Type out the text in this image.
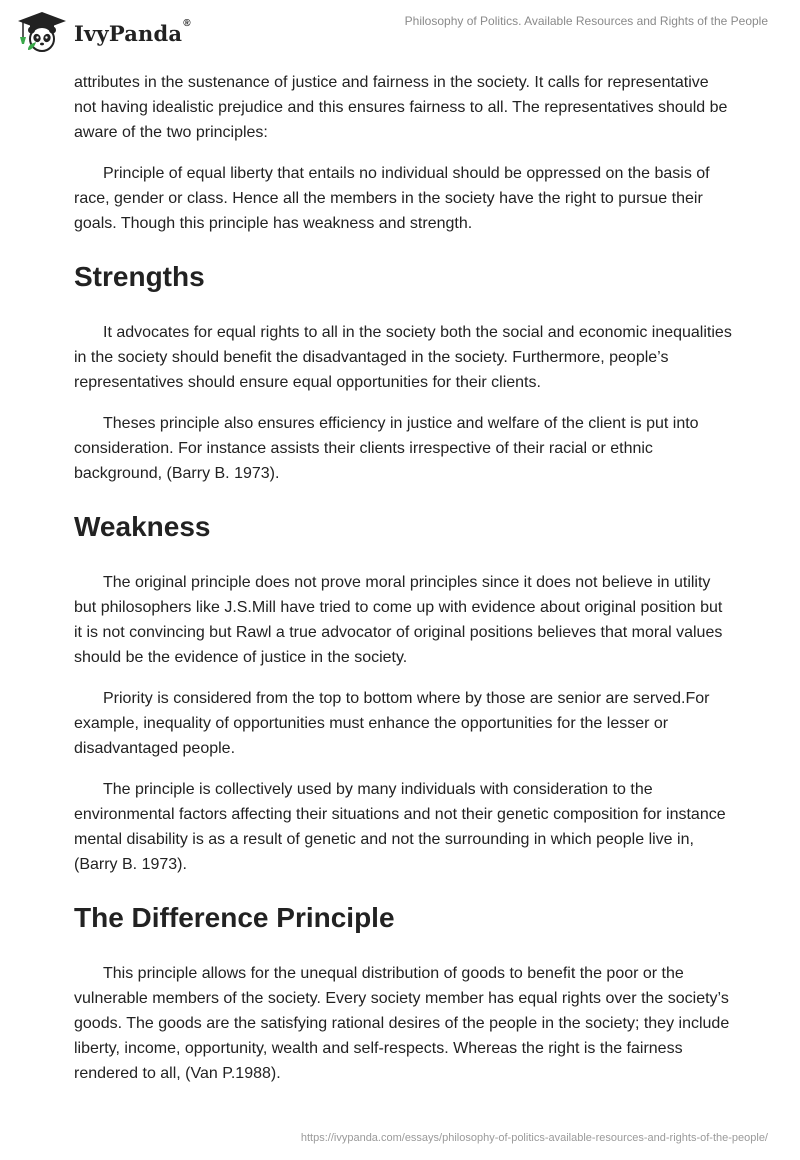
IvyPanda®	Philosophy of Politics. Available Resources and Rights of the People

attributes in the sustenance of justice and fairness in the society. It calls for representative not having idealistic prejudice and this ensures fairness to all. The representatives should be aware of the two principles:

Principle of equal liberty that entails no individual should be oppressed on the basis of race, gender or class. Hence all the members in the society have the right to pursue their goals. Though this principle has weakness and strength.

Strengths

It advocates for equal rights to all in the society both the social and economic inequalities in the society should benefit the disadvantaged in the society. Furthermore, people’s representatives should ensure equal opportunities for their clients.

Theses principle also ensures efficiency in justice and welfare of the client is put into consideration. For instance assists their clients irrespective of their racial or ethnic background, (Barry B. 1973).

Weakness

The original principle does not prove moral principles since it does not believe in utility but philosophers like J.S.Mill have tried to come up with evidence about original position but it is not convincing but Rawl a true advocator of original positions believes that moral values should be the evidence of justice in the society.

Priority is considered from the top to bottom where by those are senior are served.For example, inequality of opportunities must enhance the opportunities for the lesser or disadvantaged people.

The principle is collectively used by many individuals with consideration to the environmental factors affecting their situations and not their genetic composition for instance mental disability is as a result of genetic and not the surrounding in which people live in,(Barry B. 1973).

The Difference Principle

This principle allows for the unequal distribution of goods to benefit the poor or the vulnerable members of the society. Every society member has equal rights over the society’s goods. The goods are the satisfying rational desires of the people in the society; they include liberty, income, opportunity, wealth and self-respects. Whereas the right is the fairness rendered to all, (Van P.1988).

https://ivypanda.com/essays/philosophy-of-politics-available-resources-and-rights-of-the-people/
